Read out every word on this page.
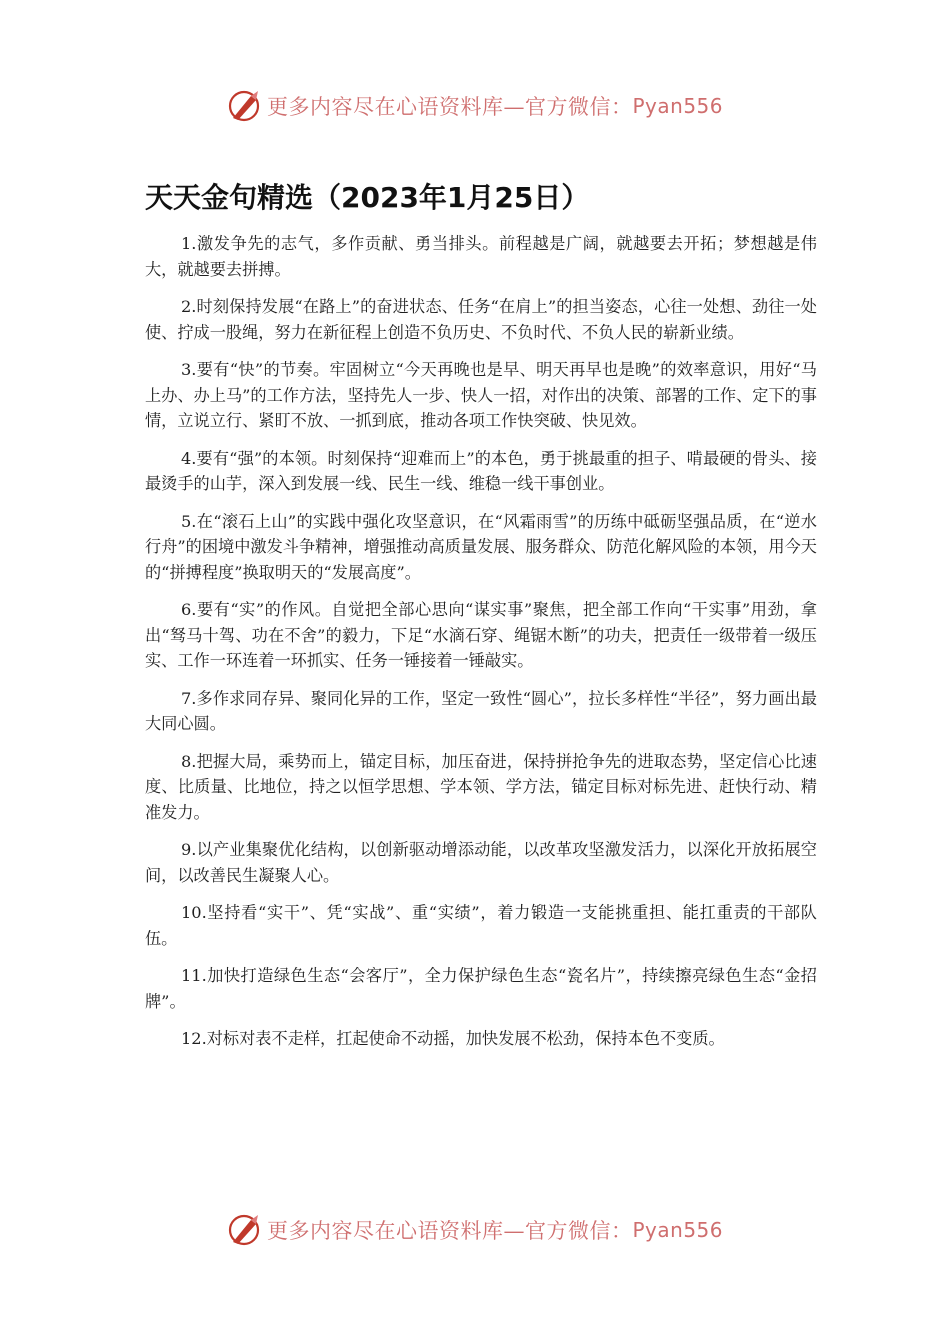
更多内容尽在心语资料库—官方微信： Pyan556
天天金句精选（2023年1月25日）

1.激发争先的志气，多作贡献、勇当排头。前程越是广阔，就越要去开拓；梦想越是伟大，就越要去拼搏。

2.时刻保持发展“在路上”的奋进状态、任务“在肩上”的担当姿态，心往一处想、劲往一处使、拧成一股绳，努力在新征程上创造不负历史、不负时代、不负人民的崭新业绩。

3.要有“快”的节奏。牢固树立“今天再晚也是早、明天再早也是晚”的效率意识，用好“马上办、办上马”的工作方法，坚持先人一步、快人一招，对作出的决策、部署的工作、定下的事情，立说立行、紧盯不放、一抓到底，推动各项工作快突破、快见效。

4.要有“强”的本领。时刻保持“迎难而上”的本色，勇于挑最重的担子、啃最硬的骨头、接最烫手的山芋，深入到发展一线、民生一线、维稳一线干事创业。

5.在“滚石上山”的实践中强化攻坚意识，在“风霜雨雪”的历练中砥砺坚强品质，在“逆水行舟”的困境中激发斗争精神，增强推动高质量发展、服务群众、防范化解风险的本领，用今天的“拼搏程度”换取明天的“发展高度”。

6.要有“实”的作风。自觉把全部心思向“谋实事”聚焦，把全部工作向“干实事”用劲，拿出“驽马十驾、功在不舍”的毅力，下足“水滴石穿、绳锯木断”的功夫，把责任一级带着一级压实、工作一环连着一环抓实、任务一锤接着一锤敲实。

7.多作求同存异、聚同化异的工作，坚定一致性“圆心”，拉长多样性“半径”，努力画出最大同心圆。

8.把握大局，乘势而上，锚定目标，加压奋进，保持拼抢争先的进取态势，坚定信心比速度、比质量、比地位，持之以恒学思想、学本领、学方法，锚定目标对标先进、赶快行动、精准发力。

9.以产业集聚优化结构，以创新驱动增添动能，以改革攻坚激发活力，以深化开放拓展空间，以改善民生凝聚人心。

10.坚持看“实干”、凭“实战”、重“实绩”，着力锻造一支能挑重担、能扛重责的干部队伍。

11.加快打造绿色生态“会客厅”，全力保护绿色生态“瓷名片”，持续擦亮绿色生态“金招牌”。

12.对标对表不走样，扛起使命不动摇，加快发展不松劲，保持本色不变质。

更多内容尽在心语资料库—官方微信： Pyan556
